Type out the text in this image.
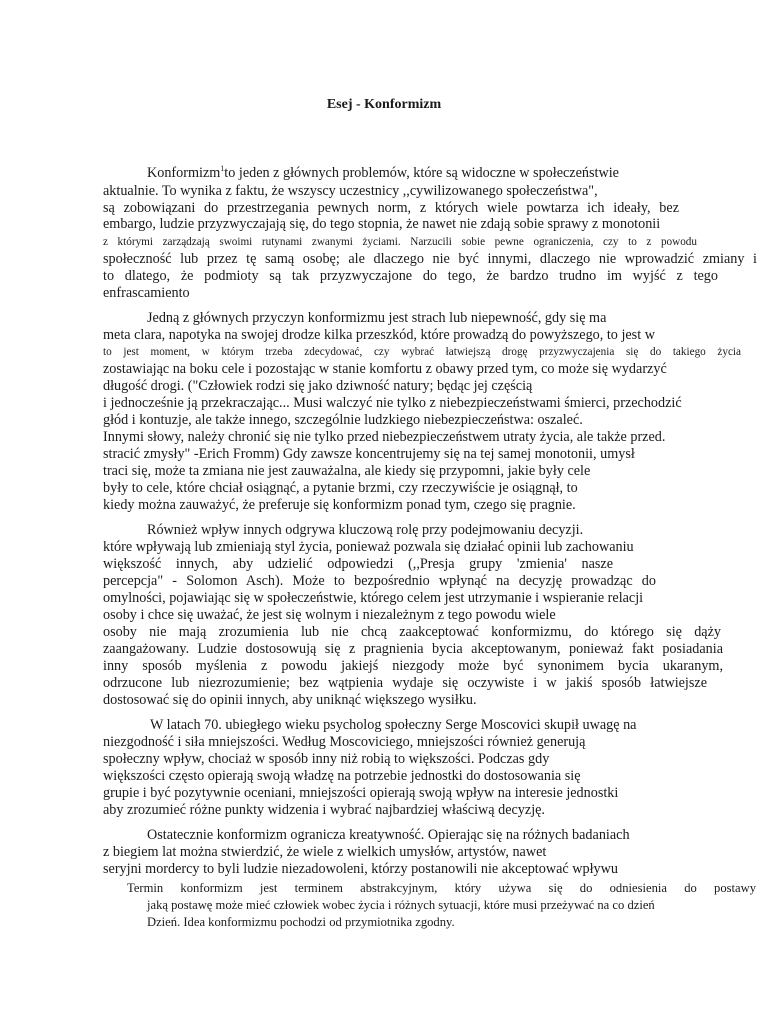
Esej - Konformizm
Konformizm$^1$to jeden z głównych problemów, które są widoczne w społeczeństwie
aktualnie. To wynika z faktu, że wszyscy uczestnicy ,,cywilizowanego społeczeństwa",
są zobowiązani do przestrzegania pewnych norm, z których wiele powtarza ich ideały, bez
embargo, ludzie przyzwyczajają się, do tego stopnia, że nawet nie zdają sobie sprawy z monotonii
z którymi zarządzają swoimi rutynami zwanymi życiami. Narzucili sobie pewne ograniczenia, czy to z powodu
społeczność lub przez tę samą osobę; ale dlaczego nie być innymi, dlaczego nie wprowadzić zmiany i
to dlatego, że podmioty są tak przyzwyczajone do tego, że bardzo trudno im wyjść z tego
enfrascamiento
Jedną z głównych przyczyn konformizmu jest strach lub niepewność, gdy się ma
meta clara, napotyka na swojej drodze kilka przeszkód, które prowadzą do powyższego, to jest w
to jest moment, w którym trzeba zdecydować, czy wybrać łatwiejszą drogę przyzwyczajenia się do takiego życia
zostawiając na boku cele i pozostając w stanie komfortu z obawy przed tym, co może się wydarzyć
długość drogi. ("Człowiek rodzi się jako dziwność natury; będąc jej częścią
i jednocześnie ją przekraczając... Musi walczyć nie tylko z niebezpieczeństwami śmierci, przechodzić
głód i kontuzje, ale także innego, szczególnie ludzkiego niebezpieczeństwa: oszaleć.
Innymi słowy, należy chronić się nie tylko przed niebezpieczeństwem utraty życia, ale także przed.
stracić zmysły" -Erich Fromm) Gdy zawsze koncentrujemy się na tej samej monotonii, umysł
traci się, może ta zmiana nie jest zauważalna, ale kiedy się przypomni, jakie były cele
były to cele, które chciał osiągnąć, a pytanie brzmi, czy rzeczywiście je osiągnął, to
kiedy można zauważyć, że preferuje się konformizm ponad tym, czego się pragnie.
Również wpływ innych odgrywa kluczową rolę przy podejmowaniu decyzji.
które wpływają lub zmieniają styl życia, ponieważ pozwala się działać opinii lub zachowaniu
większość innych, aby udzielić odpowiedzi (,,Presja grupy 'zmienia' nasze
percepcja" - Solomon Asch). Może to bezpośrednio wpłynąć na decyzję prowadząc do
omylności, pojawiając się w społeczeństwie, którego celem jest utrzymanie i wspieranie relacji
osoby i chce się uważać, że jest się wolnym i niezależnym z tego powodu wiele
osoby nie mają zrozumienia lub nie chcą zaakceptować konformizmu, do którego się dąży
zaangażowany. Ludzie dostosowują się z pragnienia bycia akceptowanym, ponieważ fakt posiadania
inny sposób myślenia z powodu jakiejś niezgody może być synonimem bycia ukaranym,
odrzucone lub niezrozumienie; bez wątpienia wydaje się oczywiste i w jakiś sposób łatwiejsze
dostosować się do opinii innych, aby uniknąć większego wysiłku.
W latach 70. ubiegłego wieku psycholog społeczny Serge Moscovici skupił uwagę na
niezgodność i siła mniejszości. Według Moscoviciego, mniejszości również generują
społeczny wpływ, chociaż w sposób inny niż robią to większości. Podczas gdy
większości często opierają swoją władzę na potrzebie jednostki do dostosowania się
grupie i być pozytywnie oceniani, mniejszości opierają swoją wpływ na interesie jednostki
aby zrozumieć różne punkty widzenia i wybrać najbardziej właściwą decyzję.
Ostatecznie konformizm ogranicza kreatywność. Opierając się na różnych badaniach
z biegiem lat można stwierdzić, że wiele z wielkich umysłów, artystów, nawet
seryjni mordercy to byli ludzie niezadowoleni, którzy postanowili nie akceptować wpływu
Termin konformizm jest terminem abstrakcyjnym, który używa się do odniesienia do postawy
jaką postawę może mieć człowiek wobec życia i różnych sytuacji, które musi przeżywać na co dzień
Dzień. Idea konformizmu pochodzi od przymiotnika zgodny.
